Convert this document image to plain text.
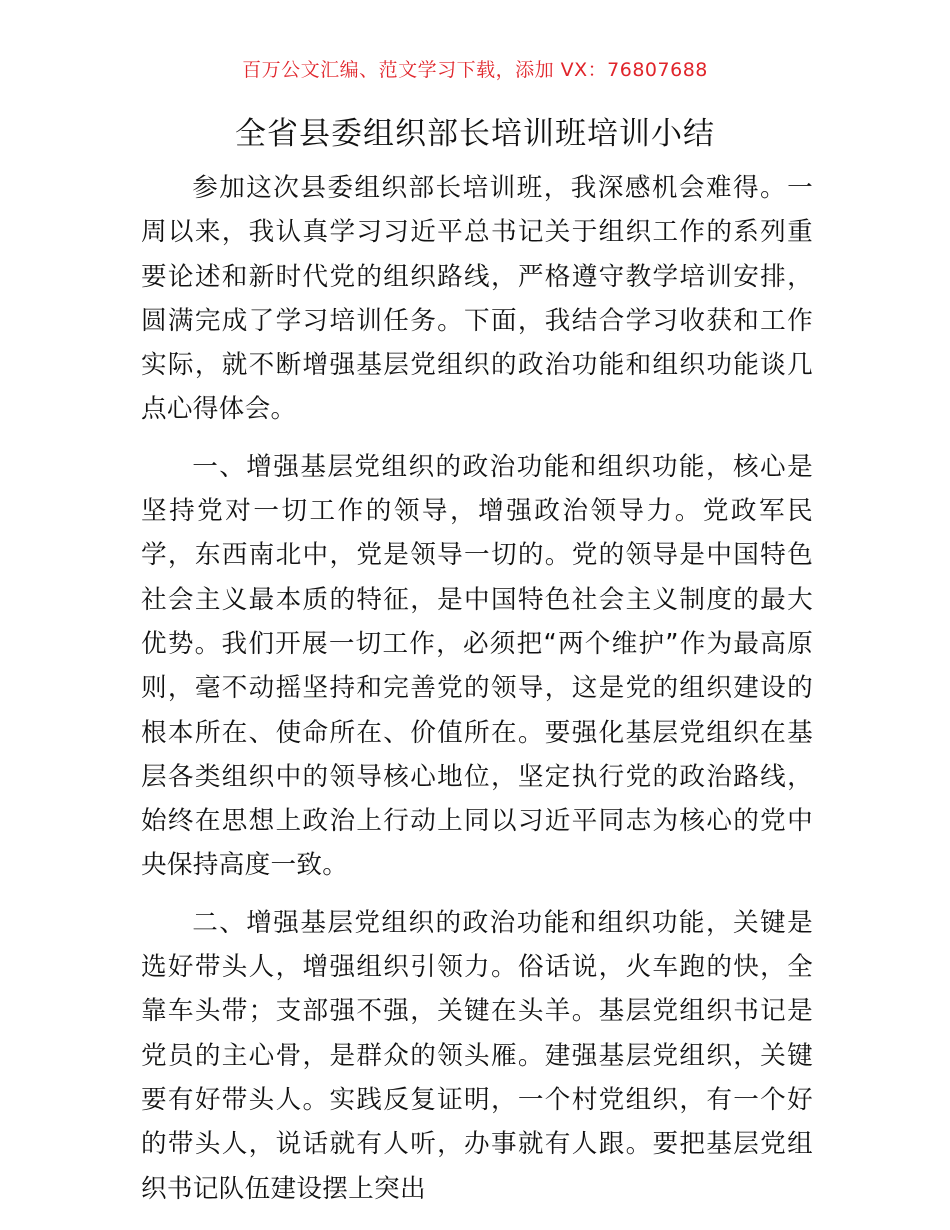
百万公文汇编、范文学习下载，添加 VX：76807688
全省县委组织部长培训班培训小结

参加这次县委组织部长培训班，我深感机会难得。一周以来，我认真学习习近平总书记关于组织工作的系列重要论述和新时代党的组织路线，严格遵守教学培训安排，圆满完成了学习培训任务。下面，我结合学习收获和工作实际，就不断增强基层党组织的政治功能和组织功能谈几点心得体会。

一、增强基层党组织的政治功能和组织功能，核心是坚持党对一切工作的领导，增强政治领导力。党政军民学，东西南北中，党是领导一切的。党的领导是中国特色社会主义最本质的特征，是中国特色社会主义制度的最大优势。我们开展一切工作，必须把“两个维护”作为最高原则，毫不动摇坚持和完善党的领导，这是党的组织建设的根本所在、使命所在、价值所在。要强化基层党组织在基层各类组织中的领导核心地位，坚定执行党的政治路线，始终在思想上政治上行动上同以习近平同志为核心的党中央保持高度一致。

二、增强基层党组织的政治功能和组织功能，关键是选好带头人，增强组织引领力。俗话说，火车跑的快，全靠车头带；支部强不强，关键在头羊。基层党组织书记是党员的主心骨，是群众的领头雁。建强基层党组织，关键要有好带头人。实践反复证明，一个村党组织，有一个好的带头人，说话就有人听，办事就有人跟。要把基层党组织书记队伍建设摆上突出
